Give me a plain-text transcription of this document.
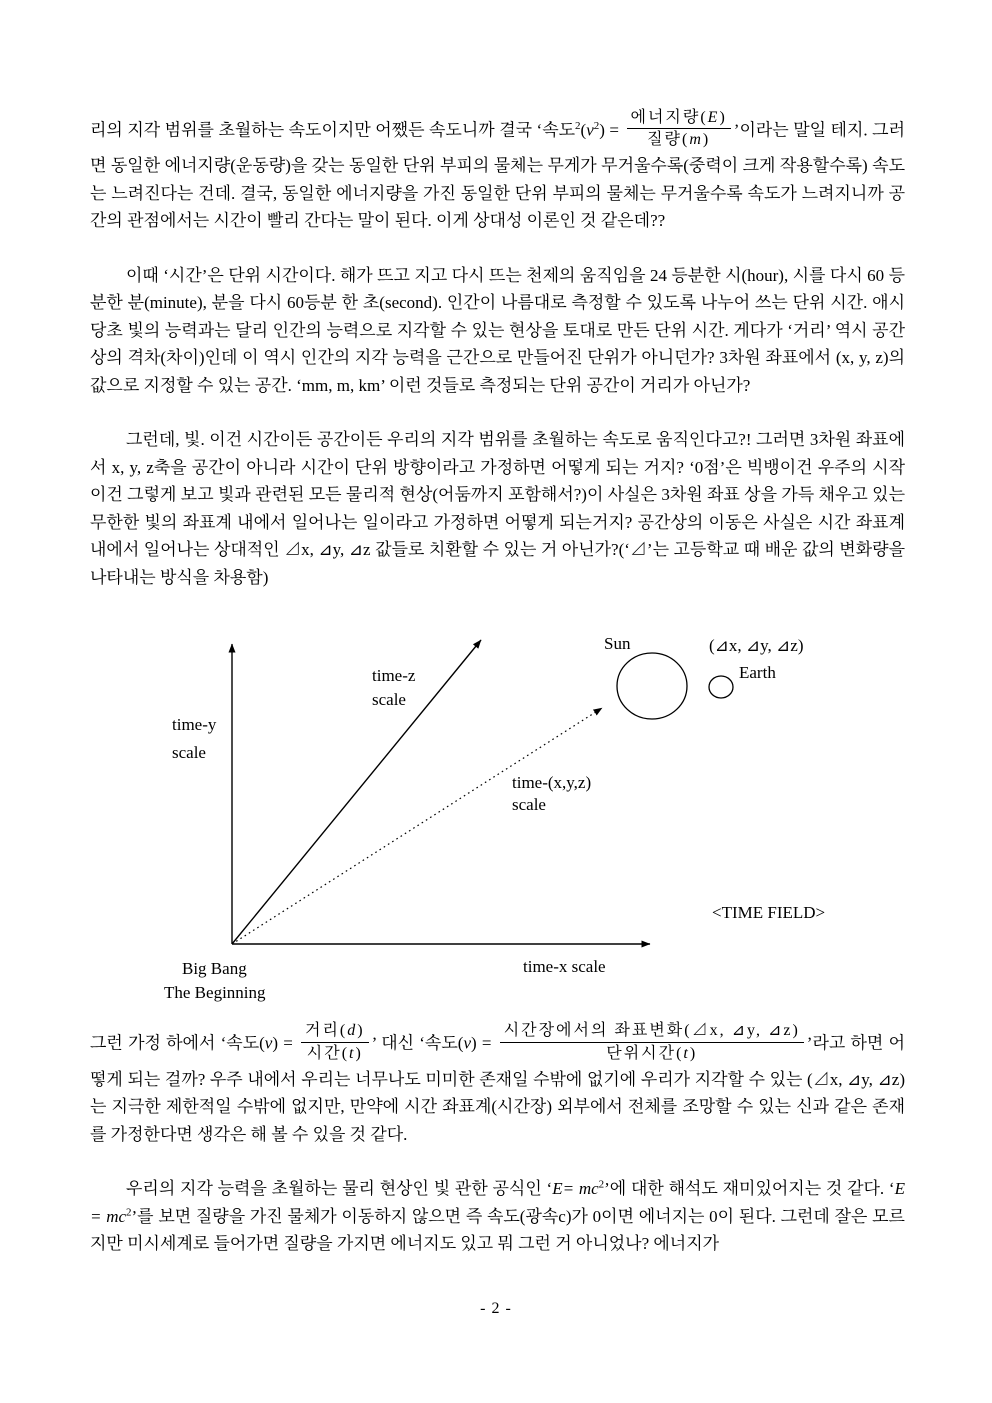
리의 지각 범위를 초월하는 속도이지만 어쨌든 속도니까 결국 ‘속도$^2(v^2) = \frac{\text{에너지량(E)}}{\text{질량(m)}}$ ’이라는 말일 테지. 그러면 동일한 에너지량(운동량)을 갖는 동일한 단위 부피의 물체는 무게가 무거울수록(중력이 크게 작용할수록) 속도는 느려진다는 건데. 결국, 동일한 에너지량을 가진 동일한 단위 부피의 물체는 무거울수록 속도가 느려지니까 공간의 관점에서는 시간이 빨리 간다는 말이 된다. 이게 상대성 이론인 것 같은데??

이때 ‘시간’은 단위 시간이다. 해가 뜨고 지고 다시 뜨는 천제의 움직임을 24 등분한 시(hour), 시를 다시 60 등분한 분(minute), 분을 다시 60등분 한 초(second). 인간이 나름대로 측정할 수 있도록 나누어 쓰는 단위 시간. 애시당초 빛의 능력과는 달리 인간의 능력으로 지각할 수 있는 현상을 토대로 만든 단위 시간. 게다가 ‘거리’ 역시 공간상의 격차(차이)인데 이 역시 인간의 지각 능력을 근간으로 만들어진 단위가 아니던가? 3차원 좌표에서 (x, y, z)의 값으로 지정할 수 있는 공간. ‘mm, m, km’ 이런 것들로 측정되는 단위 공간이 거리가 아닌가?

그런데, 빛. 이건 시간이든 공간이든 우리의 지각 범위를 초월하는 속도로 움직인다고?! 그러면 3차원 좌표에서 x, y, z축을 공간이 아니라 시간이 단위 방향이라고 가정하면 어떻게 되는 거지? ‘0점’은 빅뱅이건 우주의 시작이건 그렇게 보고 빛과 관련된 모든 물리적 현상(어둠까지 포함해서?)이 사실은 3차원 좌표 상을 가득 채우고 있는 무한한 빛의 좌표계 내에서 일어나는 일이라고 가정하면 어떻게 되는거지? 공간상의 이동은 사실은 시간 좌표계 내에서 일어나는 상대적인 ⊿x, ⊿y, ⊿z 값들로 치환할 수 있는 거 아닌가?(‘⊿’는 고등학교 때 배운 값의 변화량을 나타내는 방식을 차용함)

time-y
scale
time-z
scale
time-(x,y,z)
scale
Sun	(⊿x, ⊿y, ⊿z)
Earth
<TIME FIELD>
Big Bang	time-x scale
The Beginning

그런 가정 하에서 ‘속도$(v) = \frac{\text{거리(d)}}{\text{시간(t)}}$ ’ 대신 ‘속도$(v) = \frac{\text{시간장에서의 좌표변화(⊿x, ⊿y, ⊿z)}}{\text{단위시간(t)}}$ ’라고 하면 어떻게 되는 걸까? 우주 내에서 우리는 너무나도 미미한 존재일 수밖에 없기에 우리가 지각할 수 있는 (⊿x, ⊿y, ⊿z)는 지극한 제한적일 수밖에 없지만, 만약에 시간 좌표계(시간장) 외부에서 전체를 조망할 수 있는 신과 같은 존재를 가정한다면 생각은 해 볼 수 있을 것 같다.

우리의 지각 능력을 초월하는 물리 현상인 빛 관한 공식인 ‘$E= mc^2$’에 대한 해석도 재미있어지는 것 같다. ‘$E= mc^2$’를 보면 질량을 가진 물체가 이동하지 않으면 즉 속도(광속c)가 0이면 에너지는 0이 된다. 그런데 잘은 모르지만 미시세계로 들어가면 질량을 가지면 에너지도 있고 뭐 그런 거 아니었나? 에너지가

- 2 -
